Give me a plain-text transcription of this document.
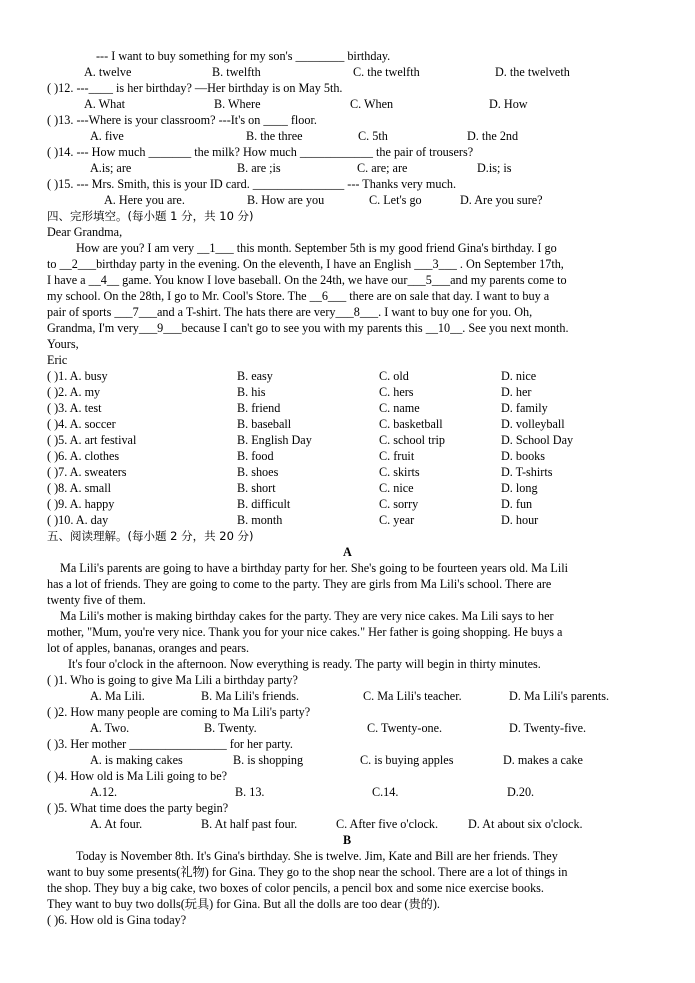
--- I want to buy something for my son's ________ birthday.
A. twelve	B. twelfth	C. the twelfth	D. the twelveth
( )12. ---____ is her birthday? —Her birthday is on May 5th.
A. What	B. Where	C. When	D. How
( )13. ---Where is your classroom? ---It's on ____ floor.
A. five	B. the three	C. 5th	D. the 2nd
( )14. --- How much _______ the milk? How much ____________ the pair of trousers?
A.is; are	B. are ;is	C. are; are	D.is; is
( )15. --- Mrs. Smith, this is your ID card. _______________ --- Thanks very much.
A. Here you are.	B. How are you	C. Let's go	D. Are you sure?
四、完形填空。(每小题 1 分，共 10 分)
Dear Grandma,
How are you? I am very __1___ this month. September 5th is my good friend Gina's birthday. I go
to __2___birthday party in the evening. On the eleventh, I have an English ___3___ . On September 17th,
I have a __4__ game. You know I love baseball. On the 24th, we have our___5___and my parents come to
my school. On the 28th, I go to Mr. Cool's Store. The __6___ there are on sale that day. I want to buy a
pair of sports ___7___and a T-shirt. The hats there are very___8___. I want to buy one for you. Oh,
Grandma, I'm very___9___because I can't go to see you with my parents this __10__. See you next month.
Yours,
Eric
( )1. A. busy	B. easy	C. old	D. nice
( )2. A. my	B. his	C. hers	D. her
( )3. A. test	B. friend	C. name	D. family
( )4. A. soccer	B. baseball	C. basketball	D. volleyball
( )5. A. art festival	B. English Day	C. school trip	D. School Day
( )6. A. clothes	B. food	C. fruit	D. books
( )7. A. sweaters	B. shoes	C. skirts	D. T-shirts
( )8. A. small	B. short	C. nice	D. long
( )9. A. happy	B. difficult	C. sorry	D. fun
( )10. A. day	B. month	C. year	D. hour
五、阅读理解。(每小题 2 分，共 20 分)
A
Ma Lili's parents are going to have a birthday party for her. She's going to be fourteen years old. Ma Lili
has a lot of friends. They are going to come to the party. They are girls from Ma Lili's school. There are
twenty five of them.
Ma Lili's mother is making birthday cakes for the party. They are very nice cakes. Ma Lili says to her
mother, "Mum, you're very nice. Thank you for your nice cakes." Her father is going shopping. He buys a
lot of apples, bananas, oranges and pears.
It's four o'clock in the afternoon. Now everything is ready. The party will begin in thirty minutes.
( )1. Who is going to give Ma Lili a birthday party?
A. Ma Lili.	B. Ma Lili's friends.	C. Ma Lili's teacher.	D. Ma Lili's parents.
( )2. How many people are coming to Ma Lili's party?
A. Two.	B. Twenty.	C. Twenty-one.	D. Twenty-five.
( )3. Her mother ________________ for her party.
A. is making cakes	B. is shopping	C. is buying apples	D. makes a cake
( )4. How old is Ma Lili going to be?
A.12.	B. 13.	C.14.	D.20.
( )5. What time does the party begin?
A. At four.	B. At half past four.	C. After five o'clock. D. At about six o'clock.
B
Today is November 8th. It's Gina's birthday. She is twelve. Jim, Kate and Bill are her friends. They
want to buy some presents(礼物) for Gina. They go to the shop near the school. There are a lot of things in
the shop. They buy a big cake, two boxes of color pencils, a pencil box and some nice exercise books.
They want to buy two dolls(玩具) for Gina. But all the dolls are too dear (贵的).
( )6. How old is Gina today?
